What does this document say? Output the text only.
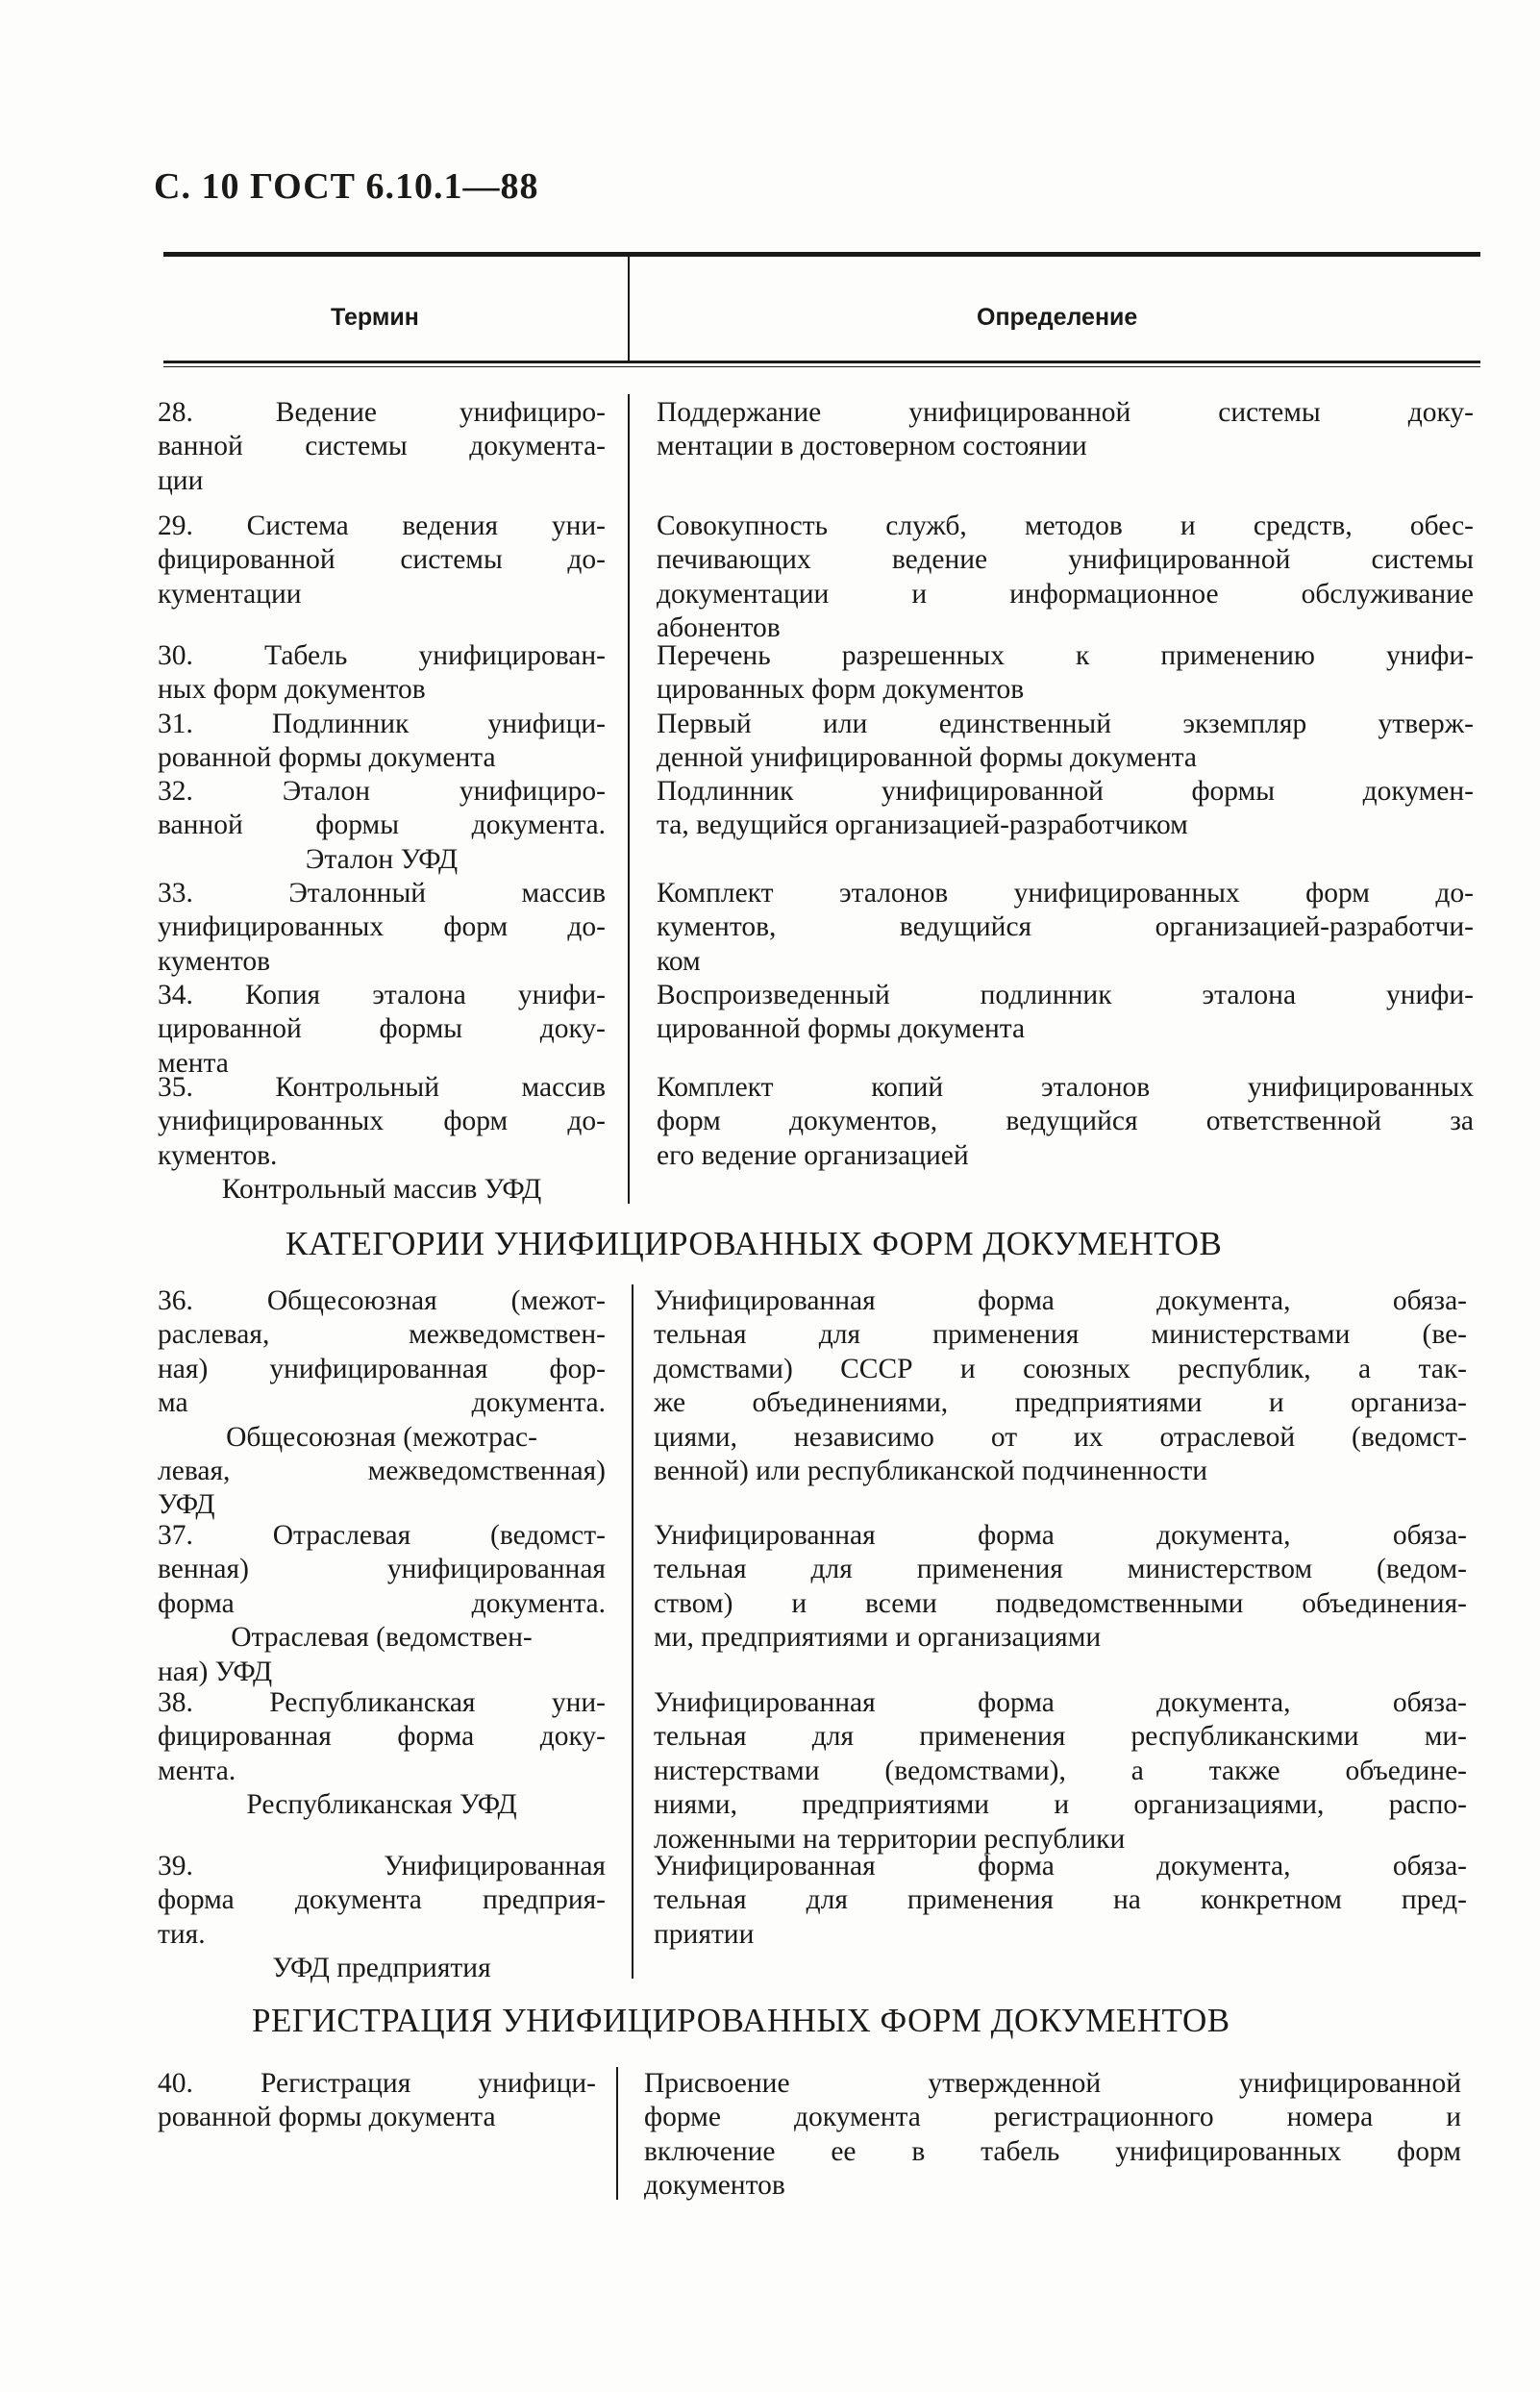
С. 10 ГОСТ 6.10.1—88
Термин	Определение
28. Ведение унифициро-
ванной системы документа-
ции
Поддержание унифицированной системы доку-
ментации в достоверном состоянии
29. Система ведения уни-
фицированной системы до-
кументации
Совокупность служб, методов и средств, обес-
печивающих ведение унифицированной системы
документации и информационное обслуживание
абонентов
30. Табель унифицирован-
ных форм документов
Перечень разрешенных к применению унифи-
цированных форм документов
31. Подлинник унифици-
рованной формы документа
Первый или единственный экземпляр утверж-
денной унифицированной формы документа
32. Эталон унифициро-
ванной формы документа.
Эталон УФД
Подлинник унифицированной формы докумен-
та, ведущийся организацией-разработчиком
33. Эталонный массив
унифицированных форм до-
кументов
Комплект эталонов унифицированных форм до-
кументов, ведущийся организацией-разработчи-
ком
34. Копия эталона унифи-
цированной формы доку-
мента
Воспроизведенный подлинник эталона унифи-
цированной формы документа
35. Контрольный массив
унифицированных форм до-
кументов.
Контрольный массив УФД
Комплект копий эталонов унифицированных
форм документов, ведущийся ответственной за
его ведение организацией
КАТЕГОРИИ УНИФИЦИРОВАННЫХ ФОРМ ДОКУМЕНТОВ
36. Общесоюзная (межот-
раслевая, межведомствен-
ная) унифицированная фор-
ма документа.
Общесоюзная (межотрас-
левая, межведомственная)
УФД
Унифицированная форма документа, обяза-
тельная для применения министерствами (ве-
домствами) СССР и союзных республик, а так-
же объединениями, предприятиями и организа-
циями, независимо от их отраслевой (ведомст-
венной) или республиканской подчиненности
37. Отраслевая (ведомст-
венная) унифицированная
форма документа.
Отраслевая (ведомствен-
ная) УФД
Унифицированная форма документа, обяза-
тельная для применения министерством (ведом-
ством) и всеми подведомственными объединения-
ми, предприятиями и организациями
38. Республиканская уни-
фицированная форма доку-
мента.
Республиканская УФД
Унифицированная форма документа, обяза-
тельная для применения республиканскими ми-
нистерствами (ведомствами), а также объедине-
ниями, предприятиями и организациями, распо-
ложенными на территории республики
39. Унифицированная
форма документа предприя-
тия.
УФД предприятия
Унифицированная форма документа, обяза-
тельная для применения на конкретном пред-
приятии
РЕГИСТРАЦИЯ УНИФИЦИРОВАННЫХ ФОРМ ДОКУМЕНТОВ
40. Регистрация унифици-
рованной формы документа
Присвоение утвержденной унифицированной
форме документа регистрационного номера и
включение ее в табель унифицированных форм
документов
